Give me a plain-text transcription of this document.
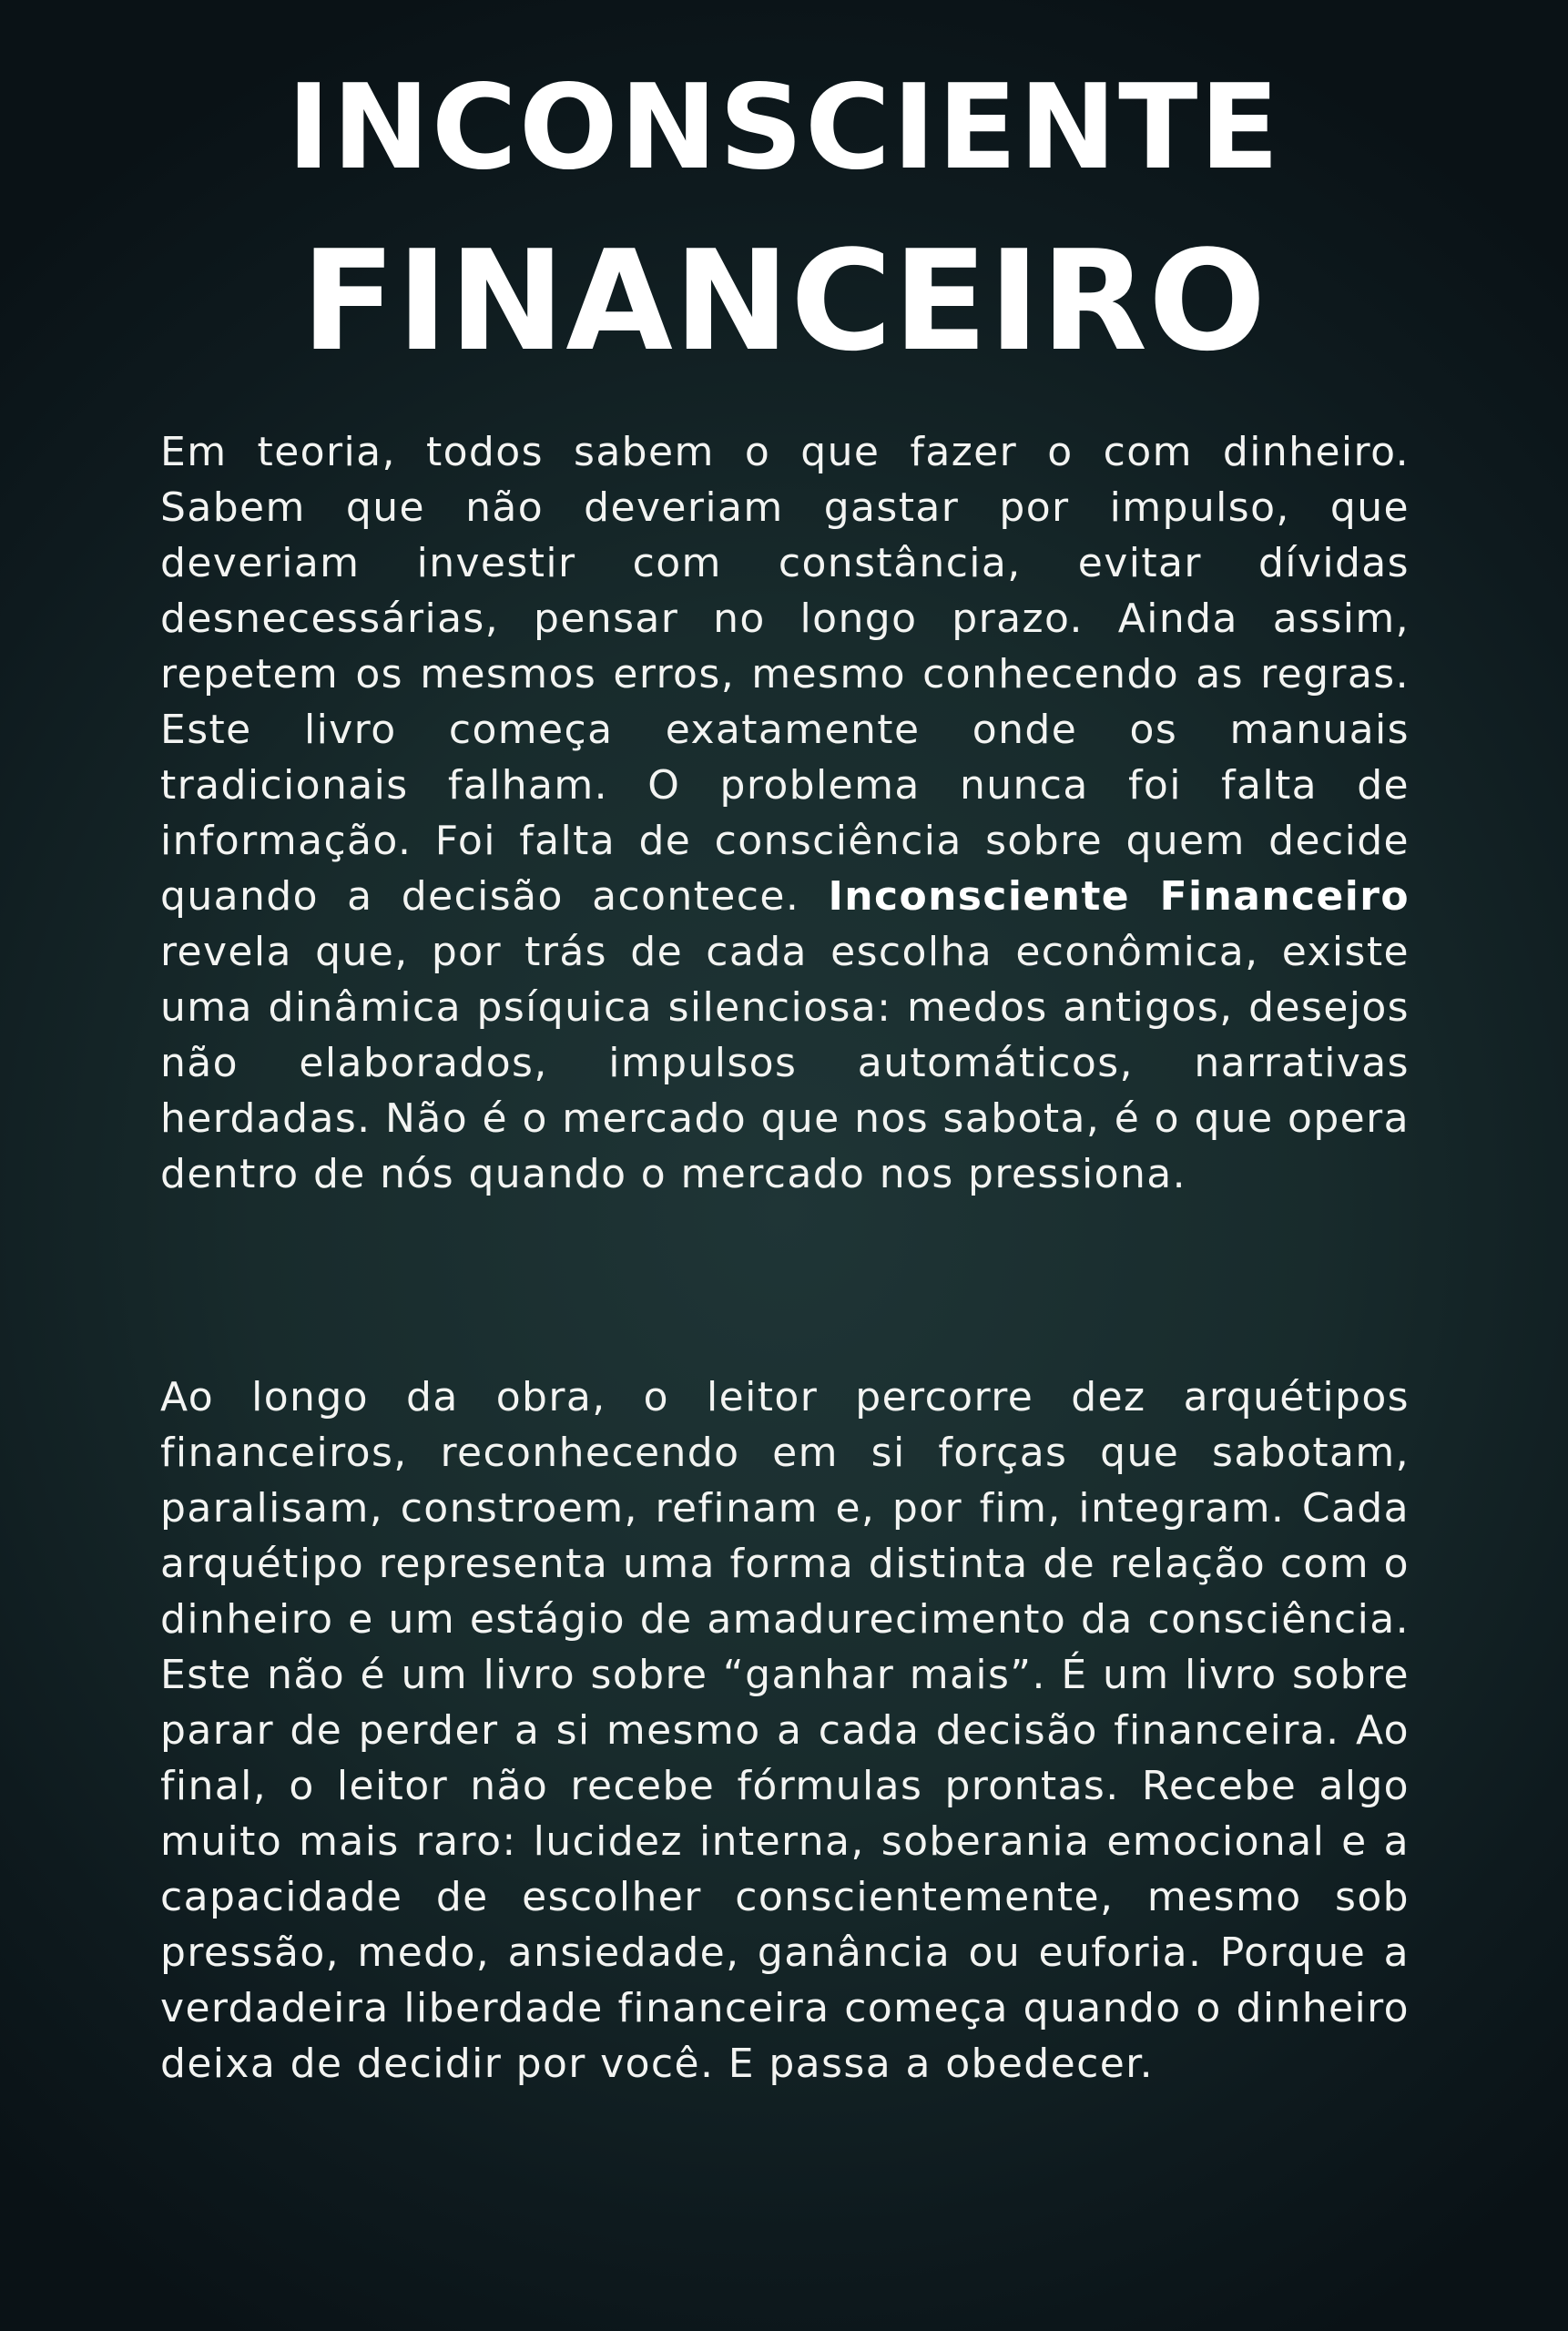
INCONSCIENTE
FINANCEIRO

Em teoria, todos sabem o que fazer o com dinheiro. Sabem que não deveriam gastar por impulso, que deveriam investir com constância, evitar dívidas desnecessárias, pensar no longo prazo. Ainda assim, repetem os mesmos erros, mesmo conhecendo as regras. Este livro começa exatamente onde os manuais tradicionais falham. O problema nunca foi falta de informação. Foi falta de consciência sobre quem decide quando a decisão acontece. Inconsciente Financeiro revela que, por trás de cada escolha econômica, existe uma dinâmica psíquica silenciosa: medos antigos, desejos não elaborados, impulsos automáticos, narrativas herdadas. Não é o mercado que nos sabota, é o que opera dentro de nós quando o mercado nos pressiona.

Ao longo da obra, o leitor percorre dez arquétipos financeiros, reconhecendo em si forças que sabotam, paralisam, constroem, refinam e, por fim, integram. Cada arquétipo representa uma forma distinta de relação com o dinheiro e um estágio de amadurecimento da consciência. Este não é um livro sobre “ganhar mais”. É um livro sobre parar de perder a si mesmo a cada decisão financeira. Ao final, o leitor não recebe fórmulas prontas. Recebe algo muito mais raro: lucidez interna, soberania emocional e a capacidade de escolher conscientemente, mesmo sob pressão, medo, ansiedade, ganância ou euforia. Porque a verdadeira liberdade financeira começa quando o dinheiro deixa de decidir por você. E passa a obedecer.
